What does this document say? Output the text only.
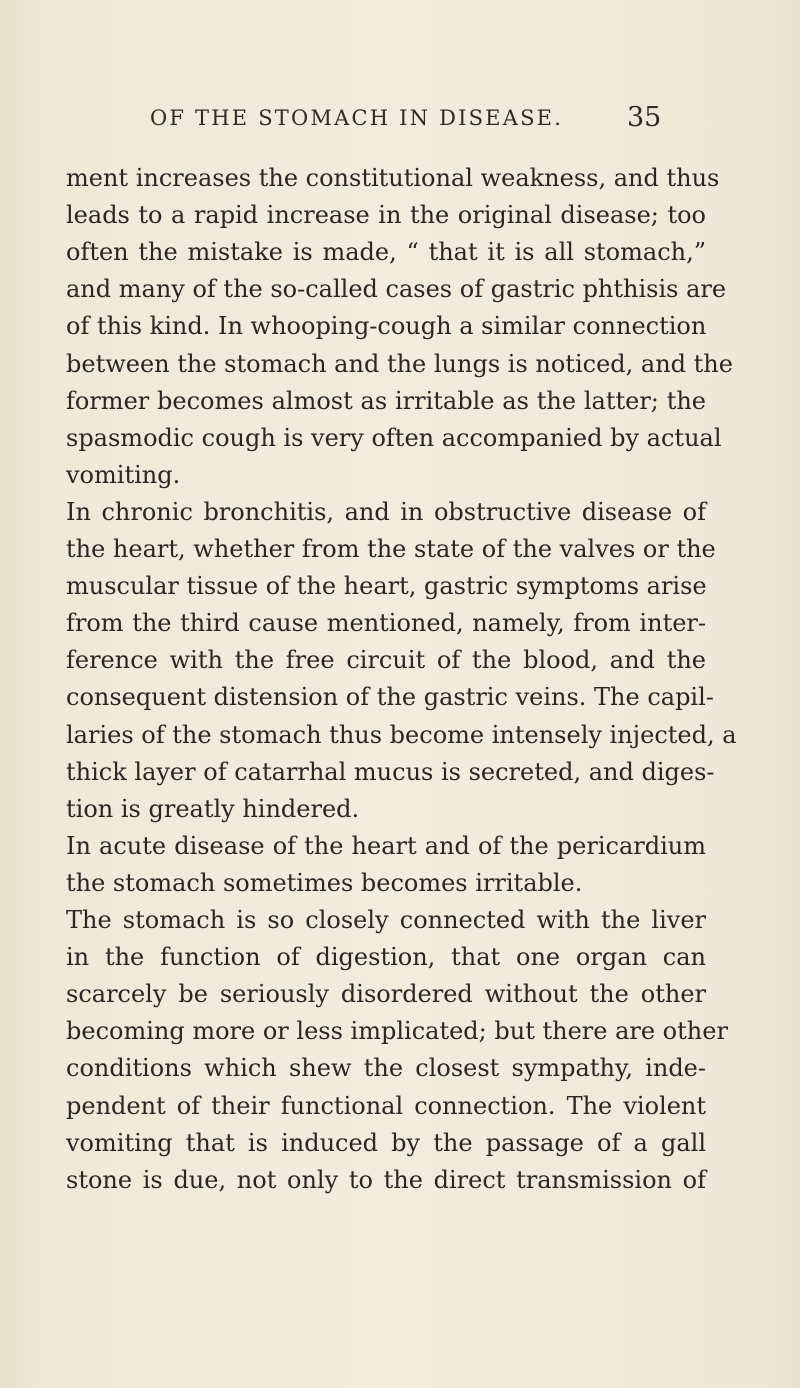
OF THE STOMACH IN DISEASE. 35
ment increases the constitutional weakness, and thus
leads to a rapid increase in the original disease; too
often the mistake is made, “ that it is all stomach,”
and many of the so-called cases of gastric phthisis are
of this kind. In whooping-cough a similar connection
between the stomach and the lungs is noticed, and the
former becomes almost as irritable as the latter; the
spasmodic cough is very often accompanied by actual
vomiting.
In chronic bronchitis, and in obstructive disease of
the heart, whether from the state of the valves or the
muscular tissue of the heart, gastric symptoms arise
from the third cause mentioned, namely, from inter-
ference with the free circuit of the blood, and the
consequent distension of the gastric veins. The capil-
laries of the stomach thus become intensely injected, a
thick layer of catarrhal mucus is secreted, and diges-
tion is greatly hindered.
In acute disease of the heart and of the pericardium
the stomach sometimes becomes irritable.
The stomach is so closely connected with the liver
in the function of digestion, that one organ can
scarcely be seriously disordered without the other
becoming more or less implicated; but there are other
conditions which shew the closest sympathy, inde-
pendent of their functional connection. The violent
vomiting that is induced by the passage of a gall
stone is due, not only to the direct transmission of
